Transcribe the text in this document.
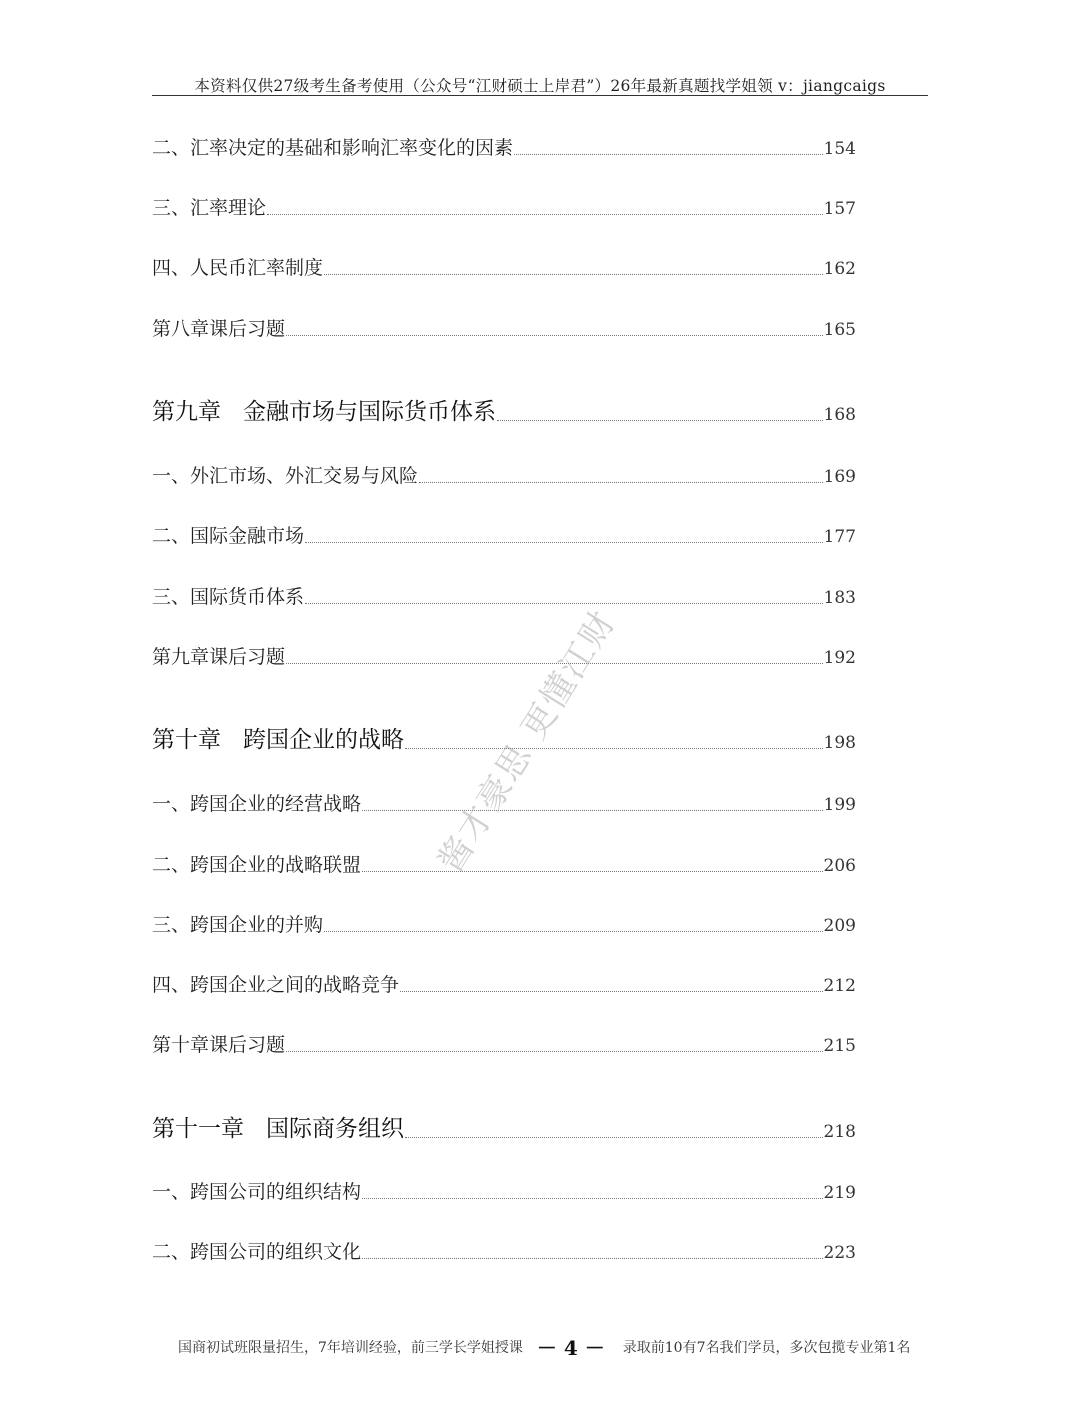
本资料仅供27级考生备考使用（公众号“江财硕士上岸君”）26年最新真题找学姐领 v：jiangcaigs
二、汇率决定的基础和影响汇率变化的因素	154
三、汇率理论	157
四、人民币汇率制度	162
第八章课后习题	165
第九章 金融市场与国际货币体系	168
一、外汇市场、外汇交易与风险	169
二、国际金融市场	177
三、国际货币体系	183
第九章课后习题	192
第十章 跨国企业的战略	198
一、跨国企业的经营战略	199
二、跨国企业的战略联盟	206
三、跨国企业的并购	209
四、跨国企业之间的战略竞争	212
第十章课后习题	215
第十一章 国际商务组织	218
一、跨国公司的组织结构	219
二、跨国公司的组织文化	223
酱才豪思 更懂江财
国商初试班限量招生，7年培训经验，前三学长学姐授课 － 4 － 录取前10有7名我们学员，多次包揽专业第1名
